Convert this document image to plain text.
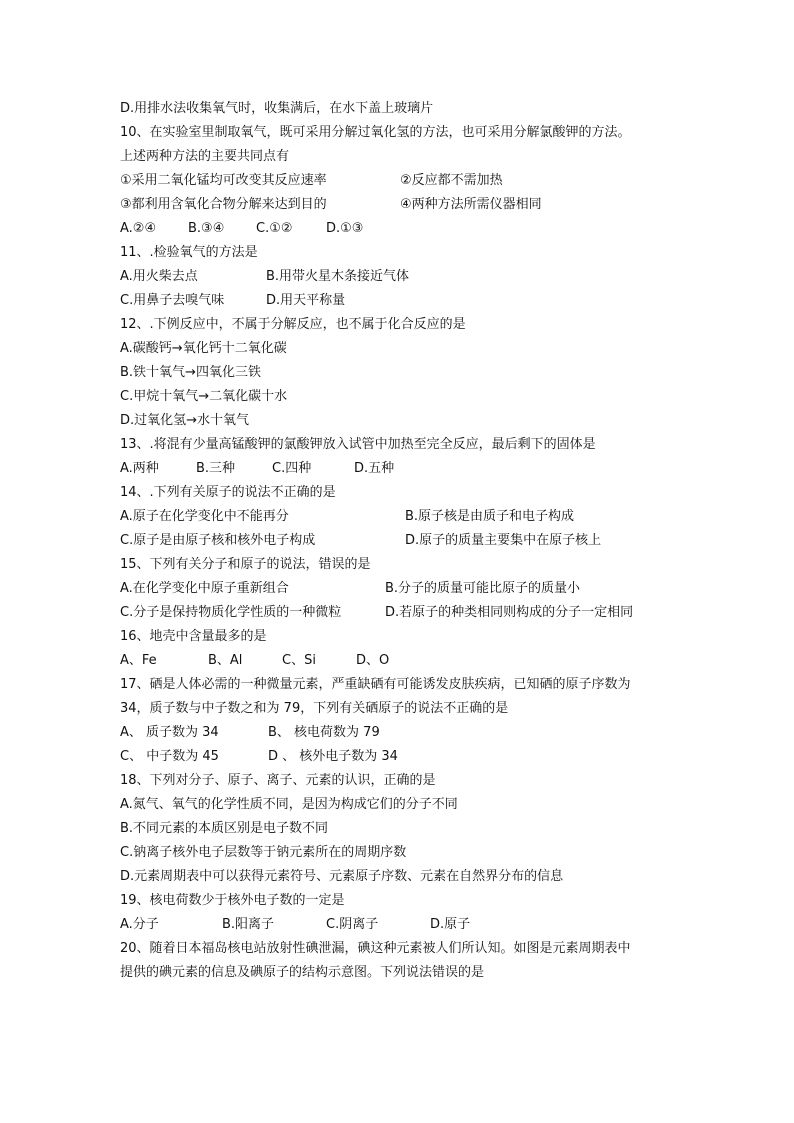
D.用排水法收集氧气时，收集满后，在水下盖上玻璃片
10、在实验室里制取氧气，既可采用分解过氧化氢的方法，也可采用分解氯酸钾的方法。
上述两种方法的主要共同点有
①采用二氧化锰均可改变其反应速率	②反应都不需加热
③都利用含氧化合物分解来达到目的	④两种方法所需仪器相同
A.②④ B.③④ C.①②	D.①③
11、.检验氧气的方法是
A.用火柴去点	B.用带火星木条接近气体
C.用鼻子去嗅气味	D.用天平称量
12、.下例反应中，不属于分解反应，也不属于化合反应的是
A.碳酸钙→氧化钙十二氧化碳
B.铁十氧气→四氧化三铁
C.甲烷十氧气→二氧化碳十水
D.过氧化氢→水十氧气
13、.将混有少量高锰酸钾的氯酸钾放入试管中加热至完全反应，最后剩下的固体是
A.两种	B.三种	C.四种	D.五种
14、.下列有关原子的说法不正确的是
A.原子在化学变化中不能再分	B.原子核是由质子和电子构成
C.原子是由原子核和核外电子构成	D.原子的质量主要集中在原子核上
15、下列有关分子和原子的说法，错误的是
A.在化学变化中原子重新组合	B.分子的质量可能比原子的质量小
C.分子是保持物质化学性质的一种微粒	D.若原子的种类相同则构成的分子一定相同
16、地壳中含量最多的是
A、Fe	B、Al	C、Si	D、O
17、硒是人体必需的一种微量元素，严重缺硒有可能诱发皮肤疾病，已知硒的原子序数为
34，质子数与中子数之和为 79，下列有关硒原子的说法不正确的是
A、 质子数为 34	B、 核电荷数为 79
C、 中子数为 45	D 、 核外电子数为 34
18、下列对分子、原子、离子、元素的认识，正确的是
A.氮气、氧气的化学性质不同，是因为构成它们的分子不同
B.不同元素的本质区别是电子数不同
C.钠离子核外电子层数等于钠元素所在的周期序数
D.元素周期表中可以获得元素符号、元素原子序数、元素在自然界分布的信息
19、核电荷数少于核外电子数的一定是
A.分子	B.阳离子	C.阴离子	D.原子
20、随着日本福岛核电站放射性碘泄漏，碘这种元素被人们所认知。如图是元素周期表中
提供的碘元素的信息及碘原子的结构示意图。下列说法错误的是
